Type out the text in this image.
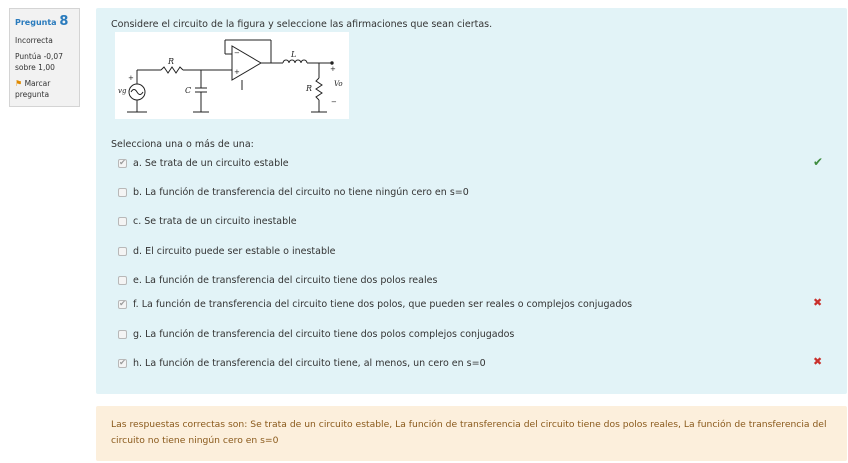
Pregunta 8
Incorrecta
Puntúa -0,07 sobre 1,00
⚑ Marcar pregunta
Considere el circuito de la figura y seleccione las afirmaciones que sean ciertas.
R
C
L
R
vg
Vo
+
−
+	+
−
Selecciona una o más de una:
✔ a. Se trata de un circuito estable	✔
b. La función de transferencia del circuito no tiene ningún cero en s=0
c. Se trata de un circuito inestable
d. El circuito puede ser estable o inestable
e. La función de transferencia del circuito tiene dos polos reales
✔ f. La función de transferencia del circuito tiene dos polos, que pueden ser reales o complejos conjugados	✖
g. La función de transferencia del circuito tiene dos polos complejos conjugados
✔ h. La función de transferencia del circuito tiene, al menos, un cero en s=0	✖
Las respuestas correctas son: Se trata de un circuito estable, La función de transferencia del circuito tiene dos polos reales, La función de transferencia del circuito no tiene ningún cero en s=0
